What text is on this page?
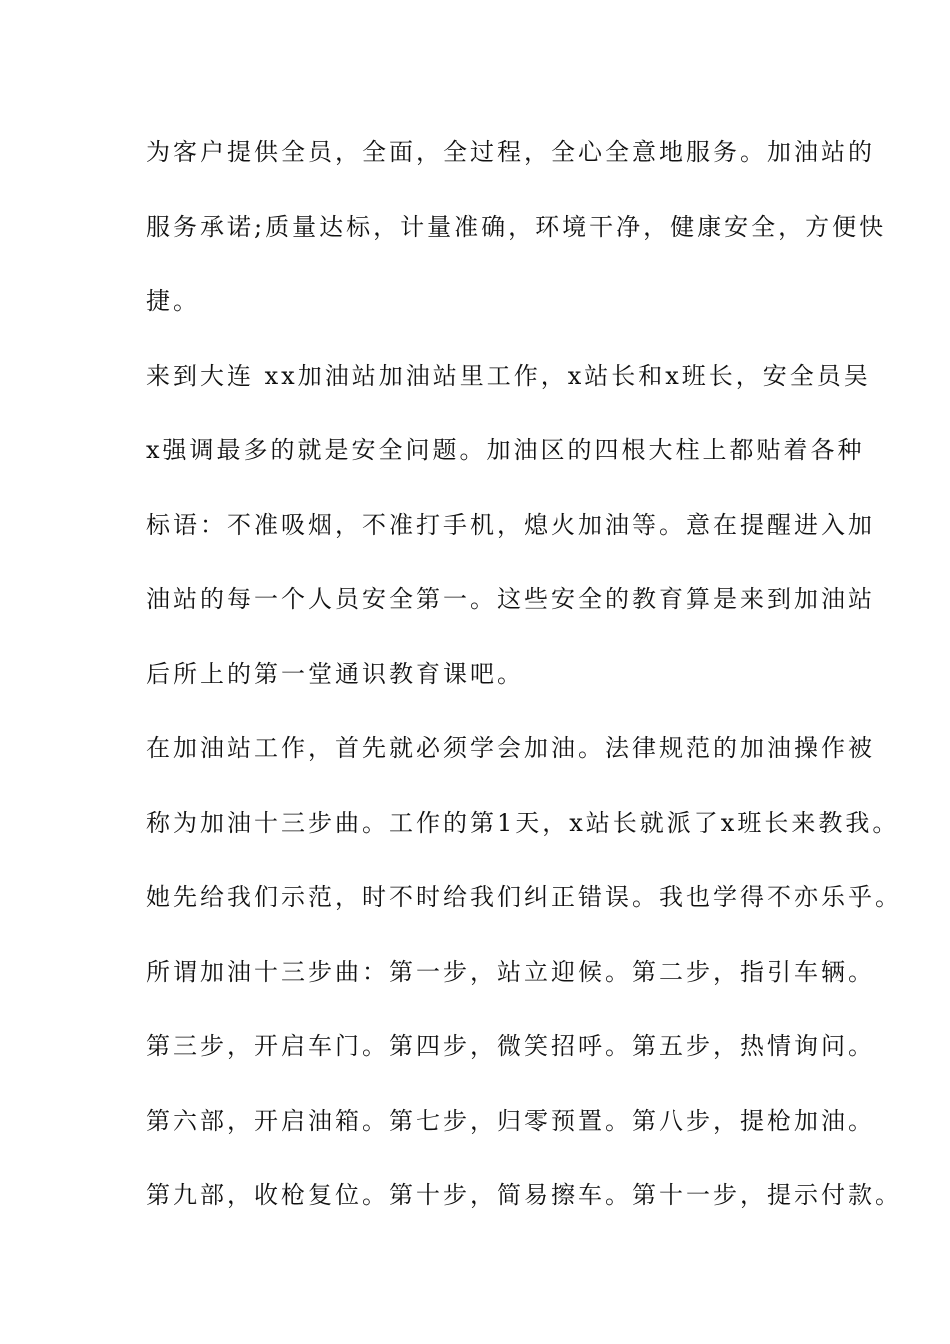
为客户提供全员，全面，全过程，全心全意地服务。加油站的
服务承诺;质量达标，计量准确，环境干净，健康安全，方便快
捷。
来到大连 xx加油站加油站里工作，x站长和x班长，安全员吴
x强调最多的就是安全问题。加油区的四根大柱上都贴着各种
标语：不准吸烟，不准打手机，熄火加油等。意在提醒进入加
油站的每一个人员安全第一。这些安全的教育算是来到加油站
后所上的第一堂通识教育课吧。
在加油站工作，首先就必须学会加油。法律规范的加油操作被
称为加油十三步曲。工作的第1天，x站长就派了x班长来教我。
她先给我们示范，时不时给我们纠正错误。我也学得不亦乐乎。
所谓加油十三步曲：第一步，站立迎候。第二步，指引车辆。
第三步，开启车门。第四步，微笑招呼。第五步，热情询问。
第六部，开启油箱。第七步，归零预置。第八步，提枪加油。
第九部，收枪复位。第十步，简易擦车。第十一步，提示付款。
